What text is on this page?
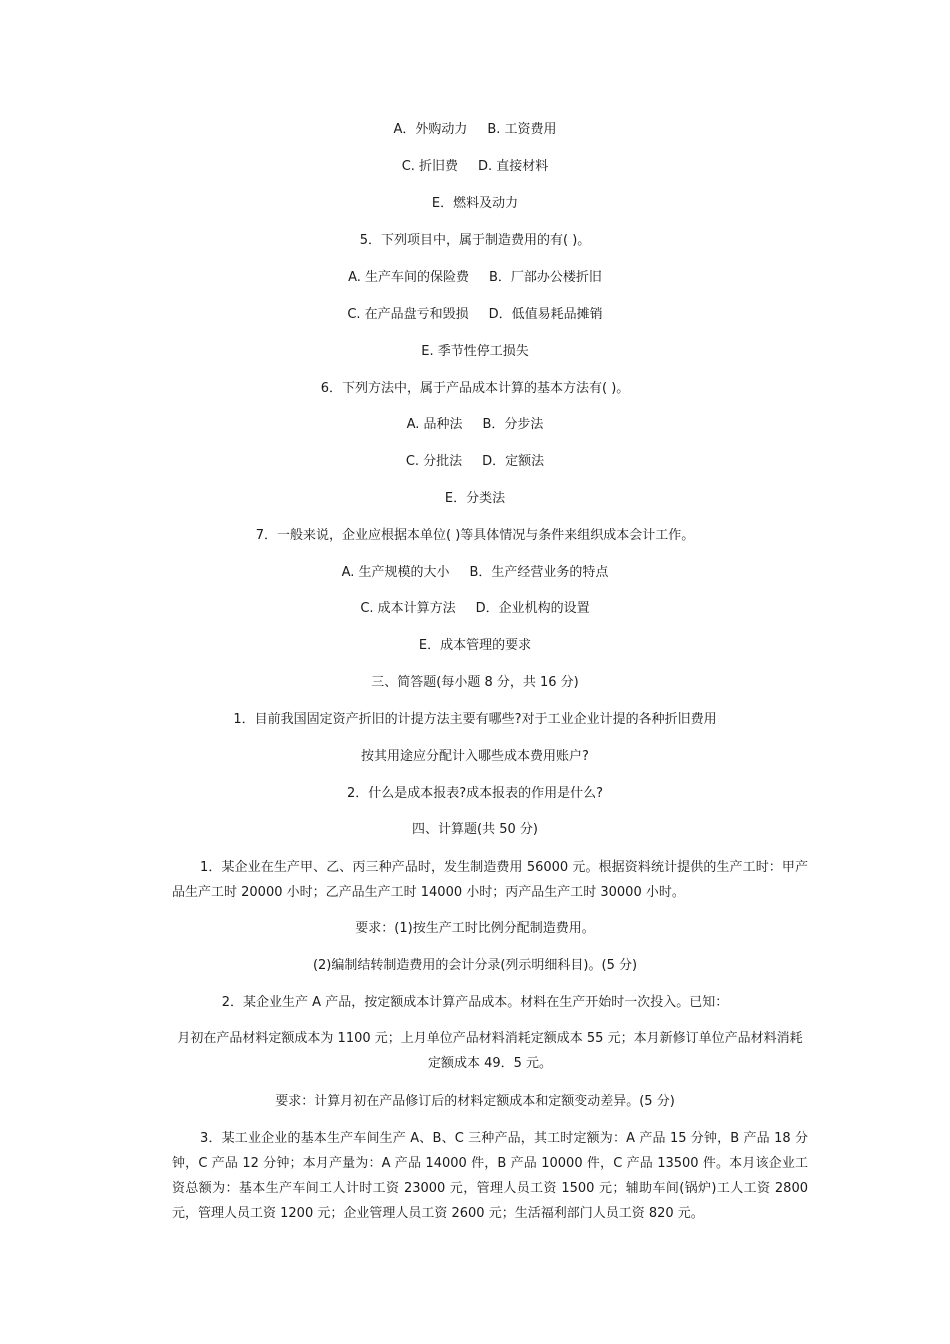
A．外购动力 B. 工资费用
C. 折旧费 D. 直接材料
E．燃料及动力
5．下列项目中，属于制造费用的有( )。
A. 生产车间的保险费 B．厂部办公楼折旧
C. 在产品盘亏和毁损 D．低值易耗品摊销
E. 季节性停工损失
6．下列方法中，属于产品成本计算的基本方法有( )。
A. 品种法 B．分步法
C. 分批法 D．定额法
E．分类法
7．一般来说，企业应根据本单位( )等具体情况与条件来组织成本会计工作。
A. 生产规模的大小 B．生产经营业务的特点
C. 成本计算方法 D．企业机构的设置
E．成本管理的要求
三、简答题(每小题 8 分，共 16 分)
1．目前我国固定资产折旧的计提方法主要有哪些?对于工业企业计提的各种折旧费用
按其用途应分配计入哪些成本费用账户?
2．什么是成本报表?成本报表的作用是什么?
四、计算题(共 50 分)
1．某企业在生产甲、乙、丙三种产品时，发生制造费用 56000 元。根据资料统计提供的生产工时：甲产品生产工时 20000 小时；乙产品生产工时 14000 小时；丙产品生产工时 30000 小时。
要求：(1)按生产工时比例分配制造费用。
(2)编制结转制造费用的会计分录(列示明细科目)。(5 分)
2．某企业生产 A 产品，按定额成本计算产品成本。材料在生产开始时一次投入。已知：
月初在产品材料定额成本为 1100 元；上月单位产品材料消耗定额成本 55 元；本月新修订单位产品材料消耗定额成本 49．5 元。
要求：计算月初在产品修订后的材料定额成本和定额变动差异。(5 分)
3．某工业企业的基本生产车间生产 A、B、C 三种产品，其工时定额为：A 产品 15 分钟，B 产品 18 分钟，C 产品 12 分钟；本月产量为：A 产品 14000 件，B 产品 10000 件，C 产品 13500 件。本月该企业工资总额为：基本生产车间工人计时工资 23000 元，管理人员工资 1500 元；辅助车间(锅炉)工人工资 2800 元，管理人员工资 1200 元；企业管理人员工资 2600 元；生活福利部门人员工资 820 元。
